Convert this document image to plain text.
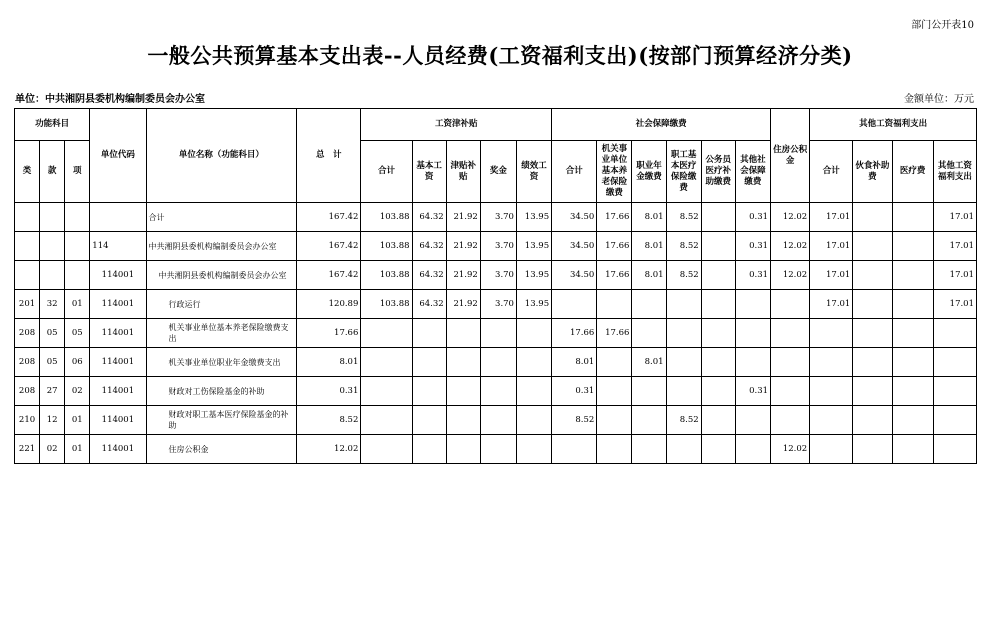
部门公开表10
一般公共预算基本支出表--人员经费(工资福利支出)(按部门预算经济分类)
单位：中共湘阴县委机构编制委员会办公室	金额单位：万元
功能科目			单位代码	单位名称（功能科目）	总　计	工资津补贴					社会保障缴费						住房公积金	其他工资福利支出			
类	款	项				合计	基本工资	津贴补贴	奖金	绩效工资	合计	机关事业单位基本养老保险缴费	职业年金缴费	职工基本医疗保险缴费	公务员医疗补助缴费	其他社会保障缴费		合计	伙食补助费	医疗费	其他工资福利支出
				合计	167.42	103.88	64.32	21.92	3.70	13.95	34.50	17.66	8.01	8.52		0.31	12.02	17.01			17.01
			114	中共湘阴县委机构编制委员会办公室	167.42	103.88	64.32	21.92	3.70	13.95	34.50	17.66	8.01	8.52		0.31	12.02	17.01			17.01
			114001	中共湘阴县委机构编制委员会办公室	167.42	103.88	64.32	21.92	3.70	13.95	34.50	17.66	8.01	8.52		0.31	12.02	17.01			17.01
201	32	01	114001	行政运行	120.89	103.88	64.32	21.92	3.70	13.95								17.01			17.01
208	05	05	114001	机关事业单位基本养老保险缴费支出	17.66						17.66	17.66									
208	05	06	114001	机关事业单位职业年金缴费支出	8.01						8.01		8.01								
208	27	02	114001	财政对工伤保险基金的补助	0.31						0.31					0.31					
210	12	01	114001	财政对职工基本医疗保险基金的补助	8.52						8.52			8.52							
221	02	01	114001	住房公积金	12.02												12.02				
